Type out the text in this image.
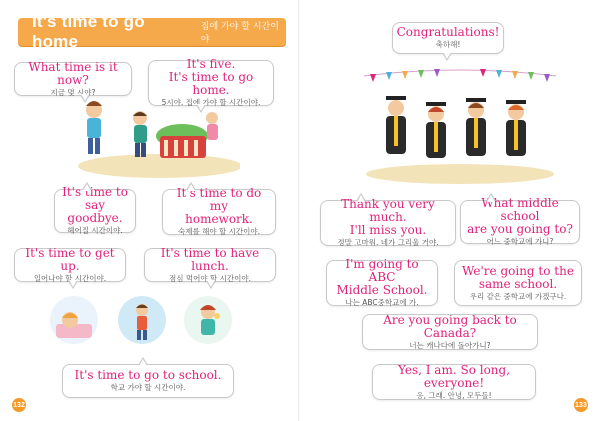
It's time to go home
집에 가야 할 시간이야
What time is it now?
지금 몇 시야?
It's five.
It's time to go home.
5시야. 집에 가야 할 시간이야.
It's time to
say goodbye.
헤어질 시간이야.
It's time to do my
homework.
숙제를 해야 할 시간이야.
It's time to get up.
일어나야 할 시간이야.
It's time to have lunch.
점심 먹어야 할 시간이야.
It's time to go to school.
학교 가야 할 시간이야.
132
Congratulations!
축하해!
Thank you very much.
I'll miss you.
정말 고마워. 네가 그리울 거야.
What middle school
are you going to?
어느 중학교에 가니?
I'm going to ABC
Middle School.
나는 ABC중학교에 가.
We're going to the
same school.
우리 같은 중학교에 가겠구나.
Are you going back to Canada?
너는 캐나다에 돌아가니?
Yes, I am. So long, everyone!
응, 그래. 안녕, 모두들!
133
